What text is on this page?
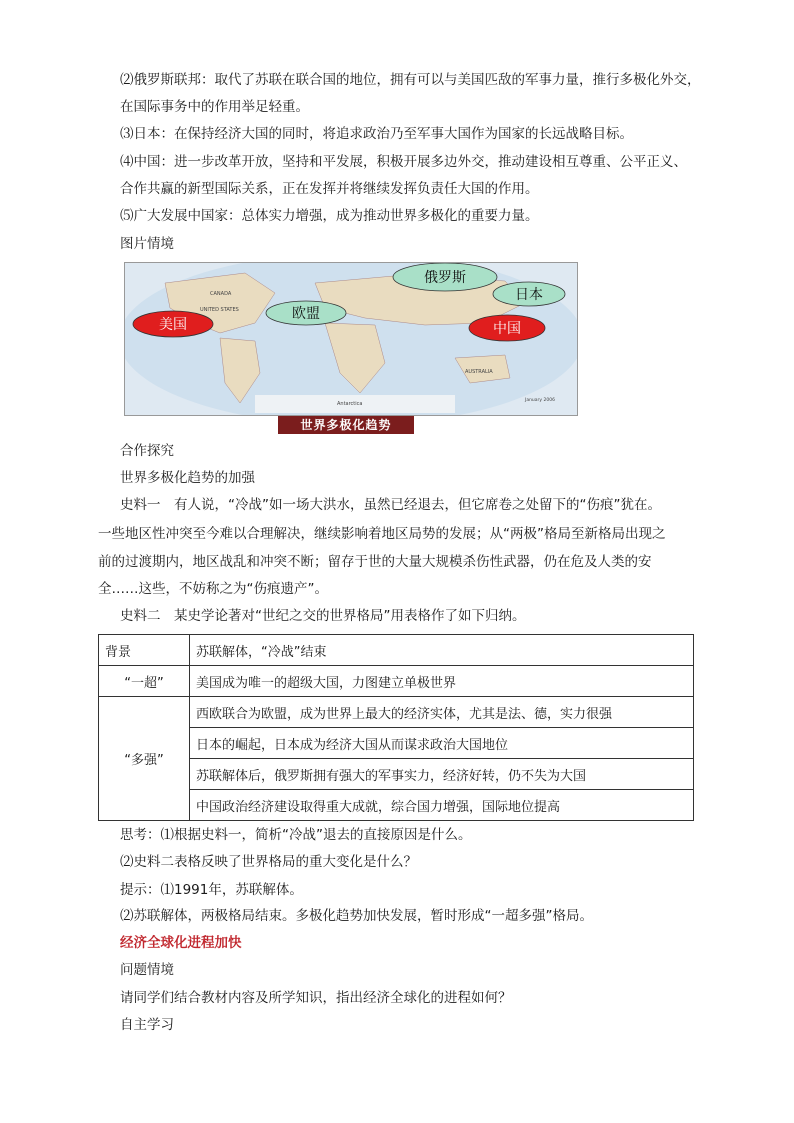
⑵俄罗斯联邦：取代了苏联在联合国的地位，拥有可以与美国匹敌的军事力量，推行多极化外交，
在国际事务中的作用举足轻重。
⑶日本：在保持经济大国的同时，将追求政治乃至军事大国作为国家的长远战略目标。
⑷中国：进一步改革开放，坚持和平发展，积极开展多边外交，推动建设相互尊重、公平正义、
合作共赢的新型国际关系，正在发挥并将继续发挥负责任大国的作用。
⑸广大发展中国家：总体实力增强，成为推动世界多极化的重要力量。
图片情境
CANADA
UNITED STATES
AUSTRALIA
Antarctica
January 2006
俄罗斯
日本
欧盟
美国	中国
世界多极化趋势
合作探究
世界多极化趋势的加强
史料一　有人说，“冷战”如一场大洪水，虽然已经退去，但它席卷之处留下的“伤痕”犹在。
一些地区性冲突至今难以合理解决，继续影响着地区局势的发展；从“两极”格局至新格局出现之
前的过渡期内，地区战乱和冲突不断；留存于世的大量大规模杀伤性武器，仍在危及人类的安
全……这些，不妨称之为“伤痕遗产”。
史料二　某史学论著对“世纪之交的世界格局”用表格作了如下归纳。
背景	苏联解体，“冷战”结束
“一超”	美国成为唯一的超级大国，力图建立单极世界
“多强”	西欧联合为欧盟，成为世界上最大的经济实体，尤其是法、德，实力很强
	日本的崛起，日本成为经济大国从而谋求政治大国地位
	苏联解体后，俄罗斯拥有强大的军事实力，经济好转，仍不失为大国
	中国政治经济建设取得重大成就，综合国力增强，国际地位提高
思考：⑴根据史料一，简析“冷战”退去的直接原因是什么。
⑵史料二表格反映了世界格局的重大变化是什么？
提示：⑴1991年，苏联解体。
⑵苏联解体，两极格局结束。多极化趋势加快发展，暂时形成“一超多强”格局。
经济全球化进程加快
问题情境
请同学们结合教材内容及所学知识，指出经济全球化的进程如何？
自主学习
